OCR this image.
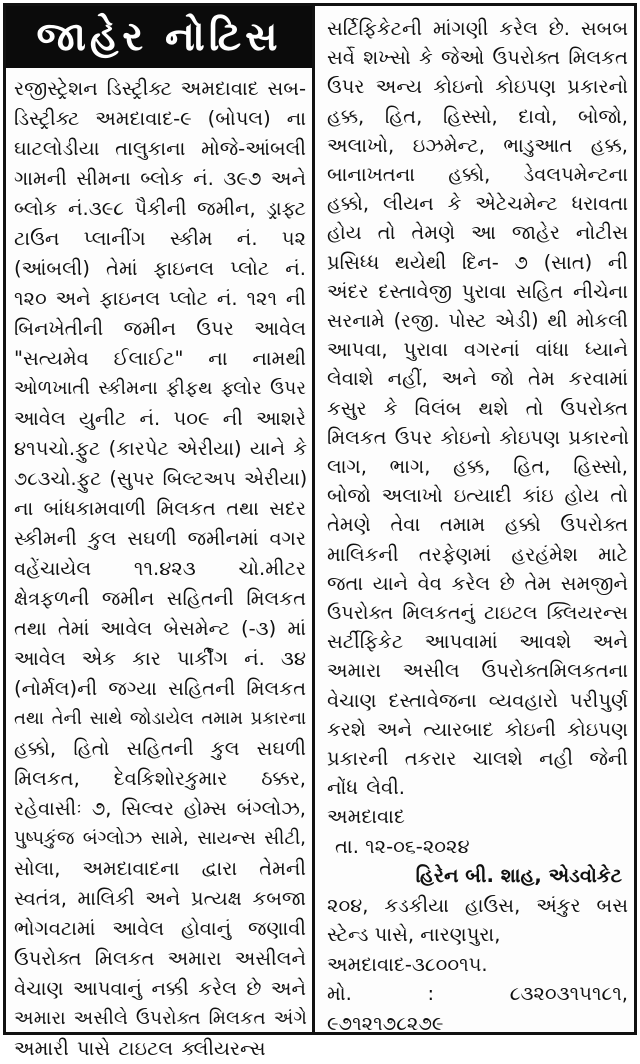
જાહેર નોટિસ
રજીસ્ટ્રેશન ડિસ્ટ્રીક્ટ અમદાવાદ સબ-
ડિસ્ટ્રીક્ટ અમદાવાદ-૯ (બોપલ) ના
ઘાટલોડીયા તાલુકાના મોજે-આંબલી
ગામની સીમના બ્લોક નં. ૩૯૭ અને
બ્લોક નં.૩૯૮ પૈકીની જમીન, ડ્રાફ્ટ
ટાઉન પ્લાનીંગ સ્કીમ નં. ૫૨
(આંબલી) તેમાં ફાઇનલ પ્લોટ નં.
૧૨૦ અને ફાઇનલ પ્લોટ નં. ૧૨૧ ની
બિનખેતીની જમીન ઉપર આવેલ
"સત્યમેવ ઈલાઈટ" ના નામથી
ઓળખાતી સ્કીમના ફીફથ ફ્લોર ઉપર
આવેલ યુનીટ નં. ૫૦૯ ની આશરે
૪૧૫ચો.ફુટ (કારપેટ એરીયા) યાને કે
૭૮૩ચો.ફુટ (સુપર બિલ્ટઅપ એરીયા)
ના બાંધકામવાળી મિલકત તથા સદર
સ્કીમની કુલ સઘળી જમીનમાં વગર
વહેંચાયેલ ૧૧.૪૨૩ ચો.મીટર
ક્ષેત્રફળની જમીન સહિતની મિલકત
તથા તેમાં આવેલ બેસમેન્ટ (-૩) માં
આવેલ એક કાર પાર્કીંગ નં. ૩૪
(નોર્મલ)ની જગ્યા સહિતની મિલકત
તથા તેની સાથે જોડાયેલ તમામ પ્રકારના
હક્કો, હિતો સહિતની કુલ સઘળી
મિલકત, દેવકિશોરકુમાર ઠક્કર,
રહેવાસીઃ ૭, સિલ્વર હોમ્સ બંગ્લોઝ,
પુષ્પકુંજ બંગ્લોઝ સામે, સાયન્સ સીટી,
સોલા, અમદાવાદના દ્વારા તેમની
સ્વતંત્ર, માલિકી અને પ્રત્યક્ષ કબજા
ભોગવટામાં આવેલ હોવાનું જણાવી
ઉપરોક્ત મિલકત અમારા અસીલને
વેચાણ આપવાનું નક્કી કરેલ છે અને
અમારા અસીલે ઉપરોક્ત મિલકત અંગે
અમારી પાસે ટાઇટલ ક્લીયરન્સ
સર્ટિફિકેટની માંગણી કરેલ છે. સબબ
સર્વે શખ્સો કે જેઓ ઉપરોક્ત મિલકત
ઉપર અન્ય કોઇનો કોઇપણ પ્રકારનો
હક્ક, હિત, હિસ્સો, દાવો, બોજો,
અલાખો, ઇઝમેન્ટ, ભાડુઆત હક્ક,
બાનાખતના હક્કો, ડેવલપમેન્ટના
હક્કો, લીયન કે એટેચમેન્ટ ધરાવતા
હોય તો તેમણે આ જાહેર નોટીસ
પ્રસિધ્ધ થયેથી દિન- ૭ (સાત) ની
અંદર દસ્તાવેજી પુરાવા સહિત નીચેના
સરનામે (રજી. પોસ્ટ એડી) થી મોકલી
આપવા, પુરાવા વગરનાં વાંધા ધ્યાને
લેવાશે નહીં, અને જો તેમ કરવામાં
કસુર કે વિલંબ થશે તો ઉપરોક્ત
મિલકત ઉપર કોઇનો કોઇપણ પ્રકારનો
લાગ, ભાગ, હક્ક, હિત, હિસ્સો,
બોજો અલાખો ઇત્યાદી કાંઇ હોય તો
તેમણે તેવા તમામ હક્કો ઉપરોક્ત
માલિકની તરફેણમાં હરહંમેશ માટે
જતા યાને વેવ કરેલ છે તેમ સમજીને
ઉપરોક્ત મિલકતનું ટાઇટલ ક્લિયરન્સ
સર્ટીફિકેટ આપવામાં આવશે અને
અમારા અસીલ ઉપરોક્તમિલકતના
વેચાણ દસ્તાવેજના વ્યવહારો પરીપુર્ણ
કરશે અને ત્યારબાદ કોઇની કોઇપણ
પ્રકારની તકરાર ચાલશે નહી જેની
નોંધ લેવી.
અમદાવાદ
તા. ૧૨-૦૬-૨૦૨૪
હિરેન બી. શાહ, એડવોકેટ
૨૦૪, કડકીયા હાઉસ, અંકુર બસ
સ્ટેન્ડ પાસે, નારણપુરા,
અમદાવાદ-૩૮૦૦૧૫.
મો. : ૮૩૨૦૩૧૫૧૮૧,
૯૭૧૨૧૭૮૨૭૯
